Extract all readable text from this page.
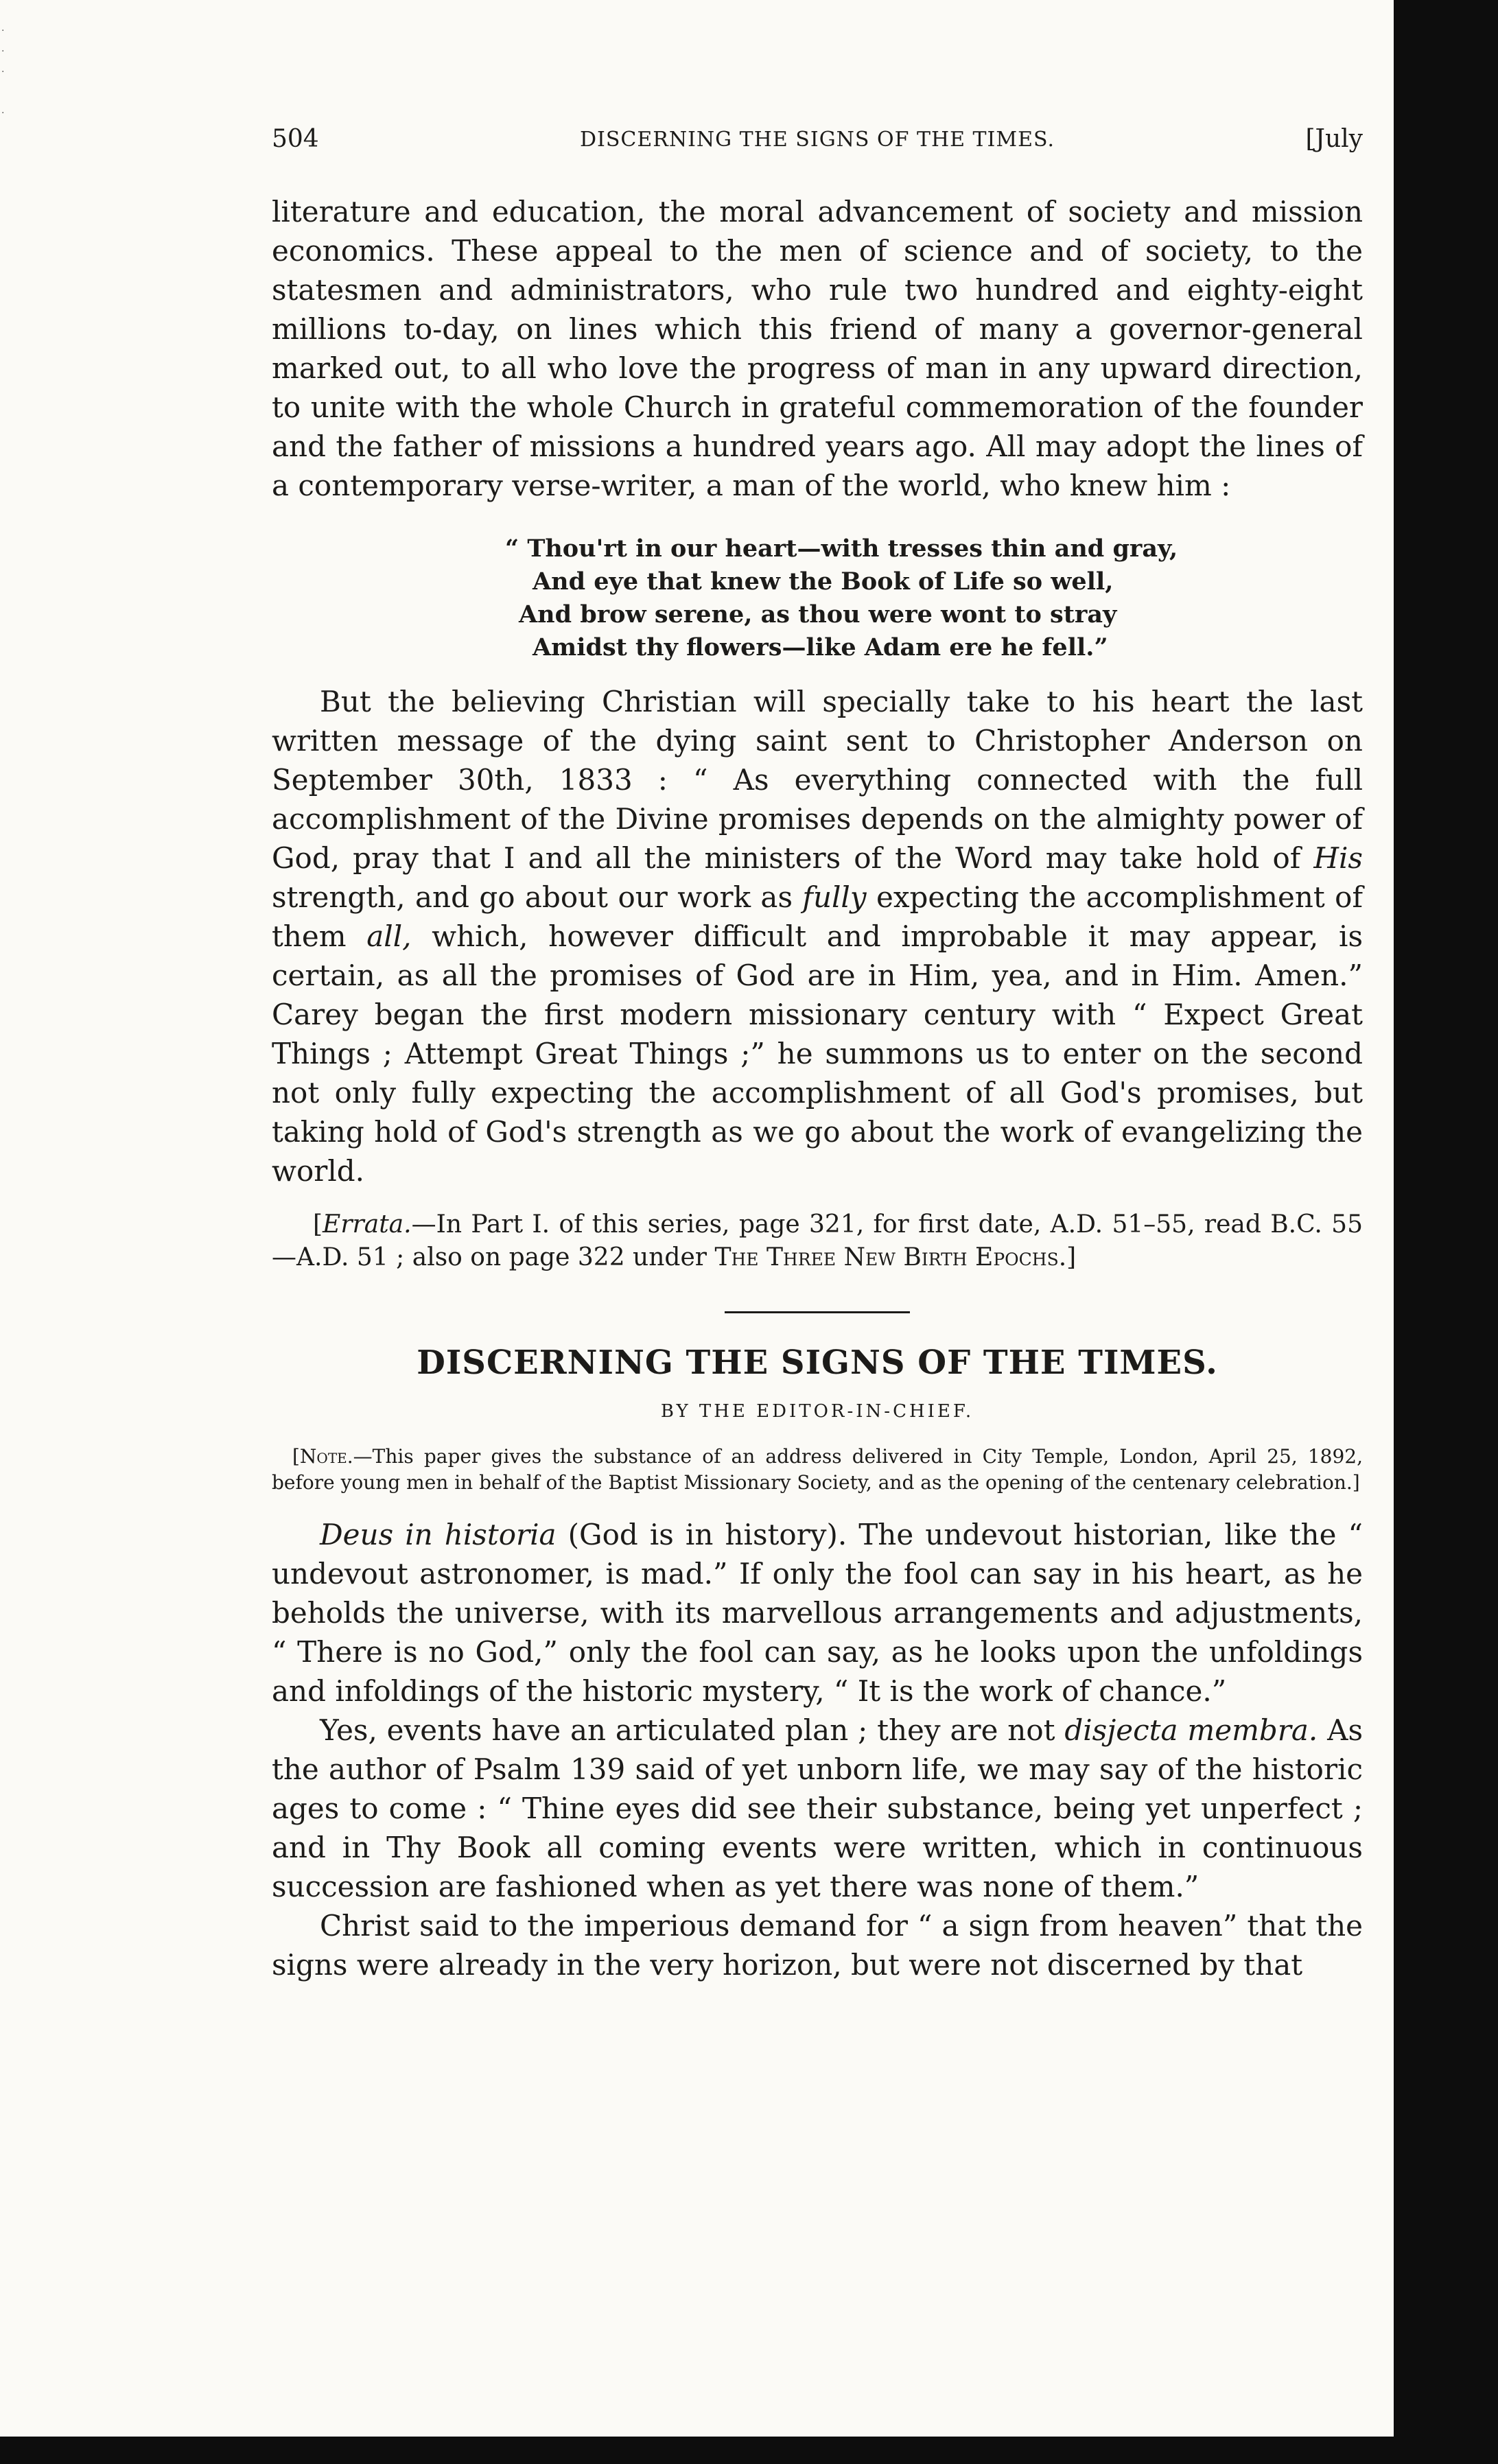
·
·
·

·
504	DISCERNING THE SIGNS OF THE TIMES.	[July

literature and education, the moral advancement of society and mission economics. These appeal to the men of science and of society, to the statesmen and administrators, who rule two hundred and eighty-eight millions to-day, on lines which this friend of many a governor-general marked out, to all who love the progress of man in any upward direction, to unite with the whole Church in grateful commemoration of the founder and the father of missions a hundred years ago. All may adopt the lines of a contemporary verse-writer, a man of the world, who knew him :

“ Thou'rt in our heart—with tresses thin and gray,
And eye that knew the Book of Life so well,
And brow serene, as thou were wont to stray
Amidst thy flowers—like Adam ere he fell.”

But the believing Christian will specially take to his heart the last written message of the dying saint sent to Christopher Anderson on September 30th, 1833 : “ As everything connected with the full accomplishment of the Divine promises depends on the almighty power of God, pray that I and all the ministers of the Word may take hold of His strength, and go about our work as fully expecting the accomplishment of them all, which, however difficult and improbable it may appear, is certain, as all the promises of God are in Him, yea, and in Him. Amen.” Carey began the first modern missionary century with “ Expect Great Things ; Attempt Great Things ;” he summons us to enter on the second not only fully expecting the accomplishment of all God's promises, but taking hold of God's strength as we go about the work of evangelizing the world.

[Errata.—In Part I. of this series, page 321, for first date, A.D. 51–55, read B.C. 55—A.D. 51 ; also on page 322 under The Three New Birth Epochs.]

DISCERNING THE SIGNS OF THE TIMES.
BY THE EDITOR-IN-CHIEF.

[Note.—This paper gives the substance of an address delivered in City Temple, London, April 25, 1892, before young men in behalf of the Baptist Missionary Society, and as the opening of the centenary celebration.]

Deus in historia (God is in history). The undevout historian, like the “ undevout astronomer, is mad.” If only the fool can say in his heart, as he beholds the universe, with its marvellous arrangements and adjustments, “ There is no God,” only the fool can say, as he looks upon the unfoldings and infoldings of the historic mystery, “ It is the work of chance.”

Yes, events have an articulated plan ; they are not disjecta membra. As the author of Psalm 139 said of yet unborn life, we may say of the historic ages to come : “ Thine eyes did see their substance, being yet unperfect ; and in Thy Book all coming events were written, which in continuous succession are fashioned when as yet there was none of them.”

Christ said to the imperious demand for “ a sign from heaven” that the signs were already in the very horizon, but were not discerned by that
